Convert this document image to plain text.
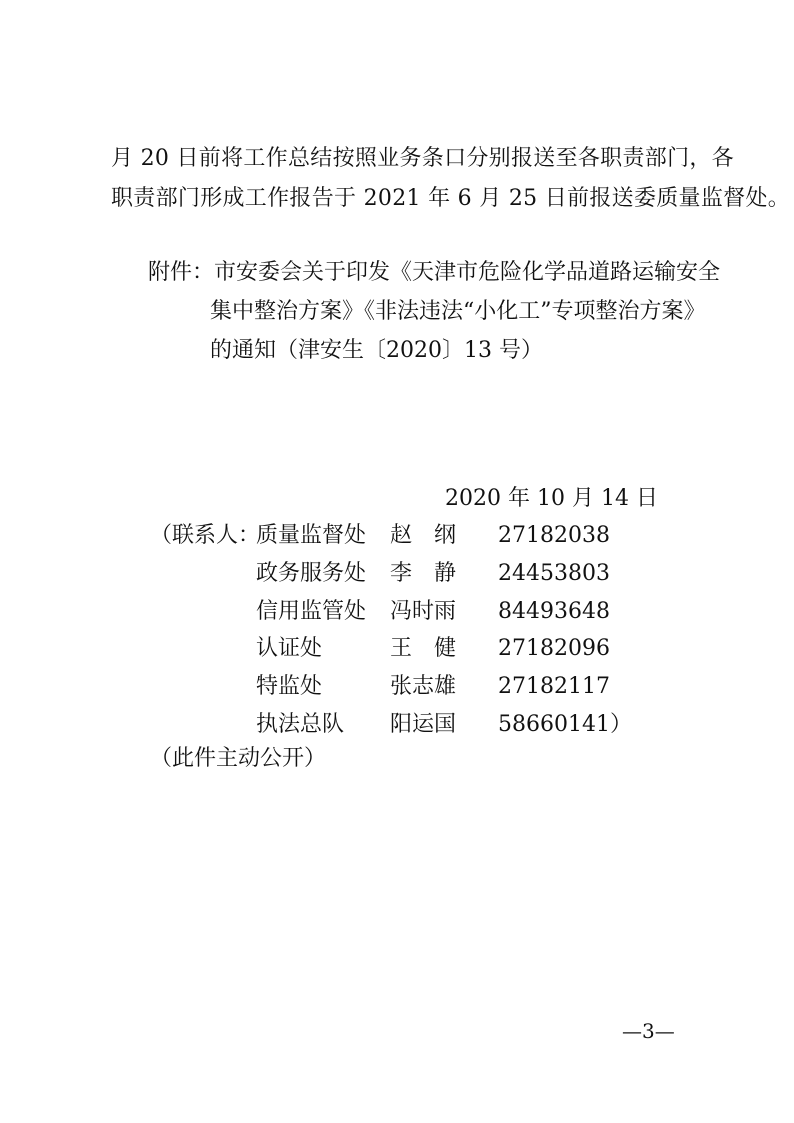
月 20 日前将工作总结按照业务条口分别报送至各职责部门，各
职责部门形成工作报告于 2021 年 6 月 25 日前报送委质量监督处。
附件：市安委会关于印发《天津市危险化学品道路运输安全
集中整治方案》《非法违法“小化工”专项整治方案》
的通知（津安生〔2020〕13 号）
2020 年 10 月 14 日
（联系人：
质量监督处 赵　纲 27182038
政务服务处 李　静 24453803
信用监管处 冯时雨 84493648
认证处	王　健 27182096
特监处	张志雄 27182117
执法总队 阳运国 58660141）
（此件主动公开）
—3—
